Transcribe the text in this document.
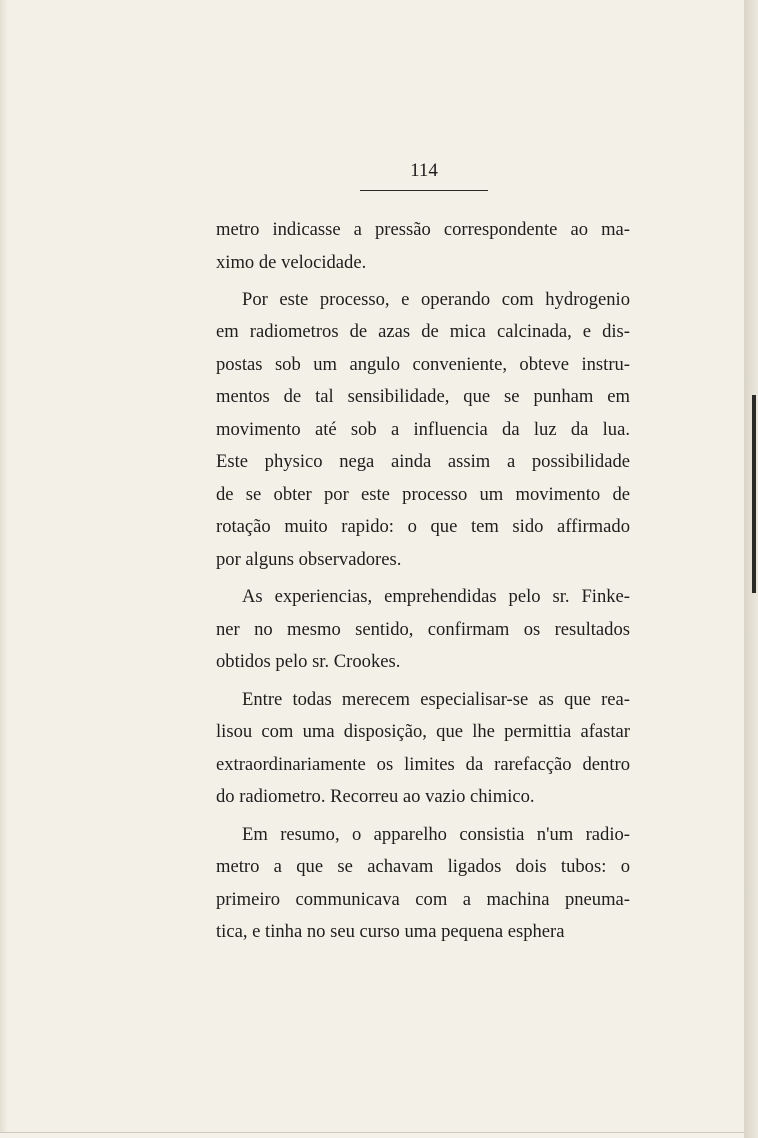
114

metro indicasse a pressão correspondente ao ma-
ximo de velocidade.

Por este processo, e operando com hydrogenio
em radiometros de azas de mica calcinada, e dis-
postas sob um angulo conveniente, obteve instru-
mentos de tal sensibilidade, que se punham em
movimento até sob a influencia da luz da lua.
Este physico nega ainda assim a possibilidade
de se obter por este processo um movimento de
rotação muito rapido: o que tem sido affirmado
por alguns observadores.

As experiencias, emprehendidas pelo sr. Finke-
ner no mesmo sentido, confirmam os resultados
obtidos pelo sr. Crookes.

Entre todas merecem especialisar-se as que rea-
lisou com uma disposição, que lhe permittia afastar
extraordinariamente os limites da rarefacção dentro
do radiometro. Recorreu ao vazio chimico.

Em resumo, o apparelho consistia n'um radio-
metro a que se achavam ligados dois tubos: o
primeiro communicava com a machina pneuma-
tica, e tinha no seu curso uma pequena esphera
